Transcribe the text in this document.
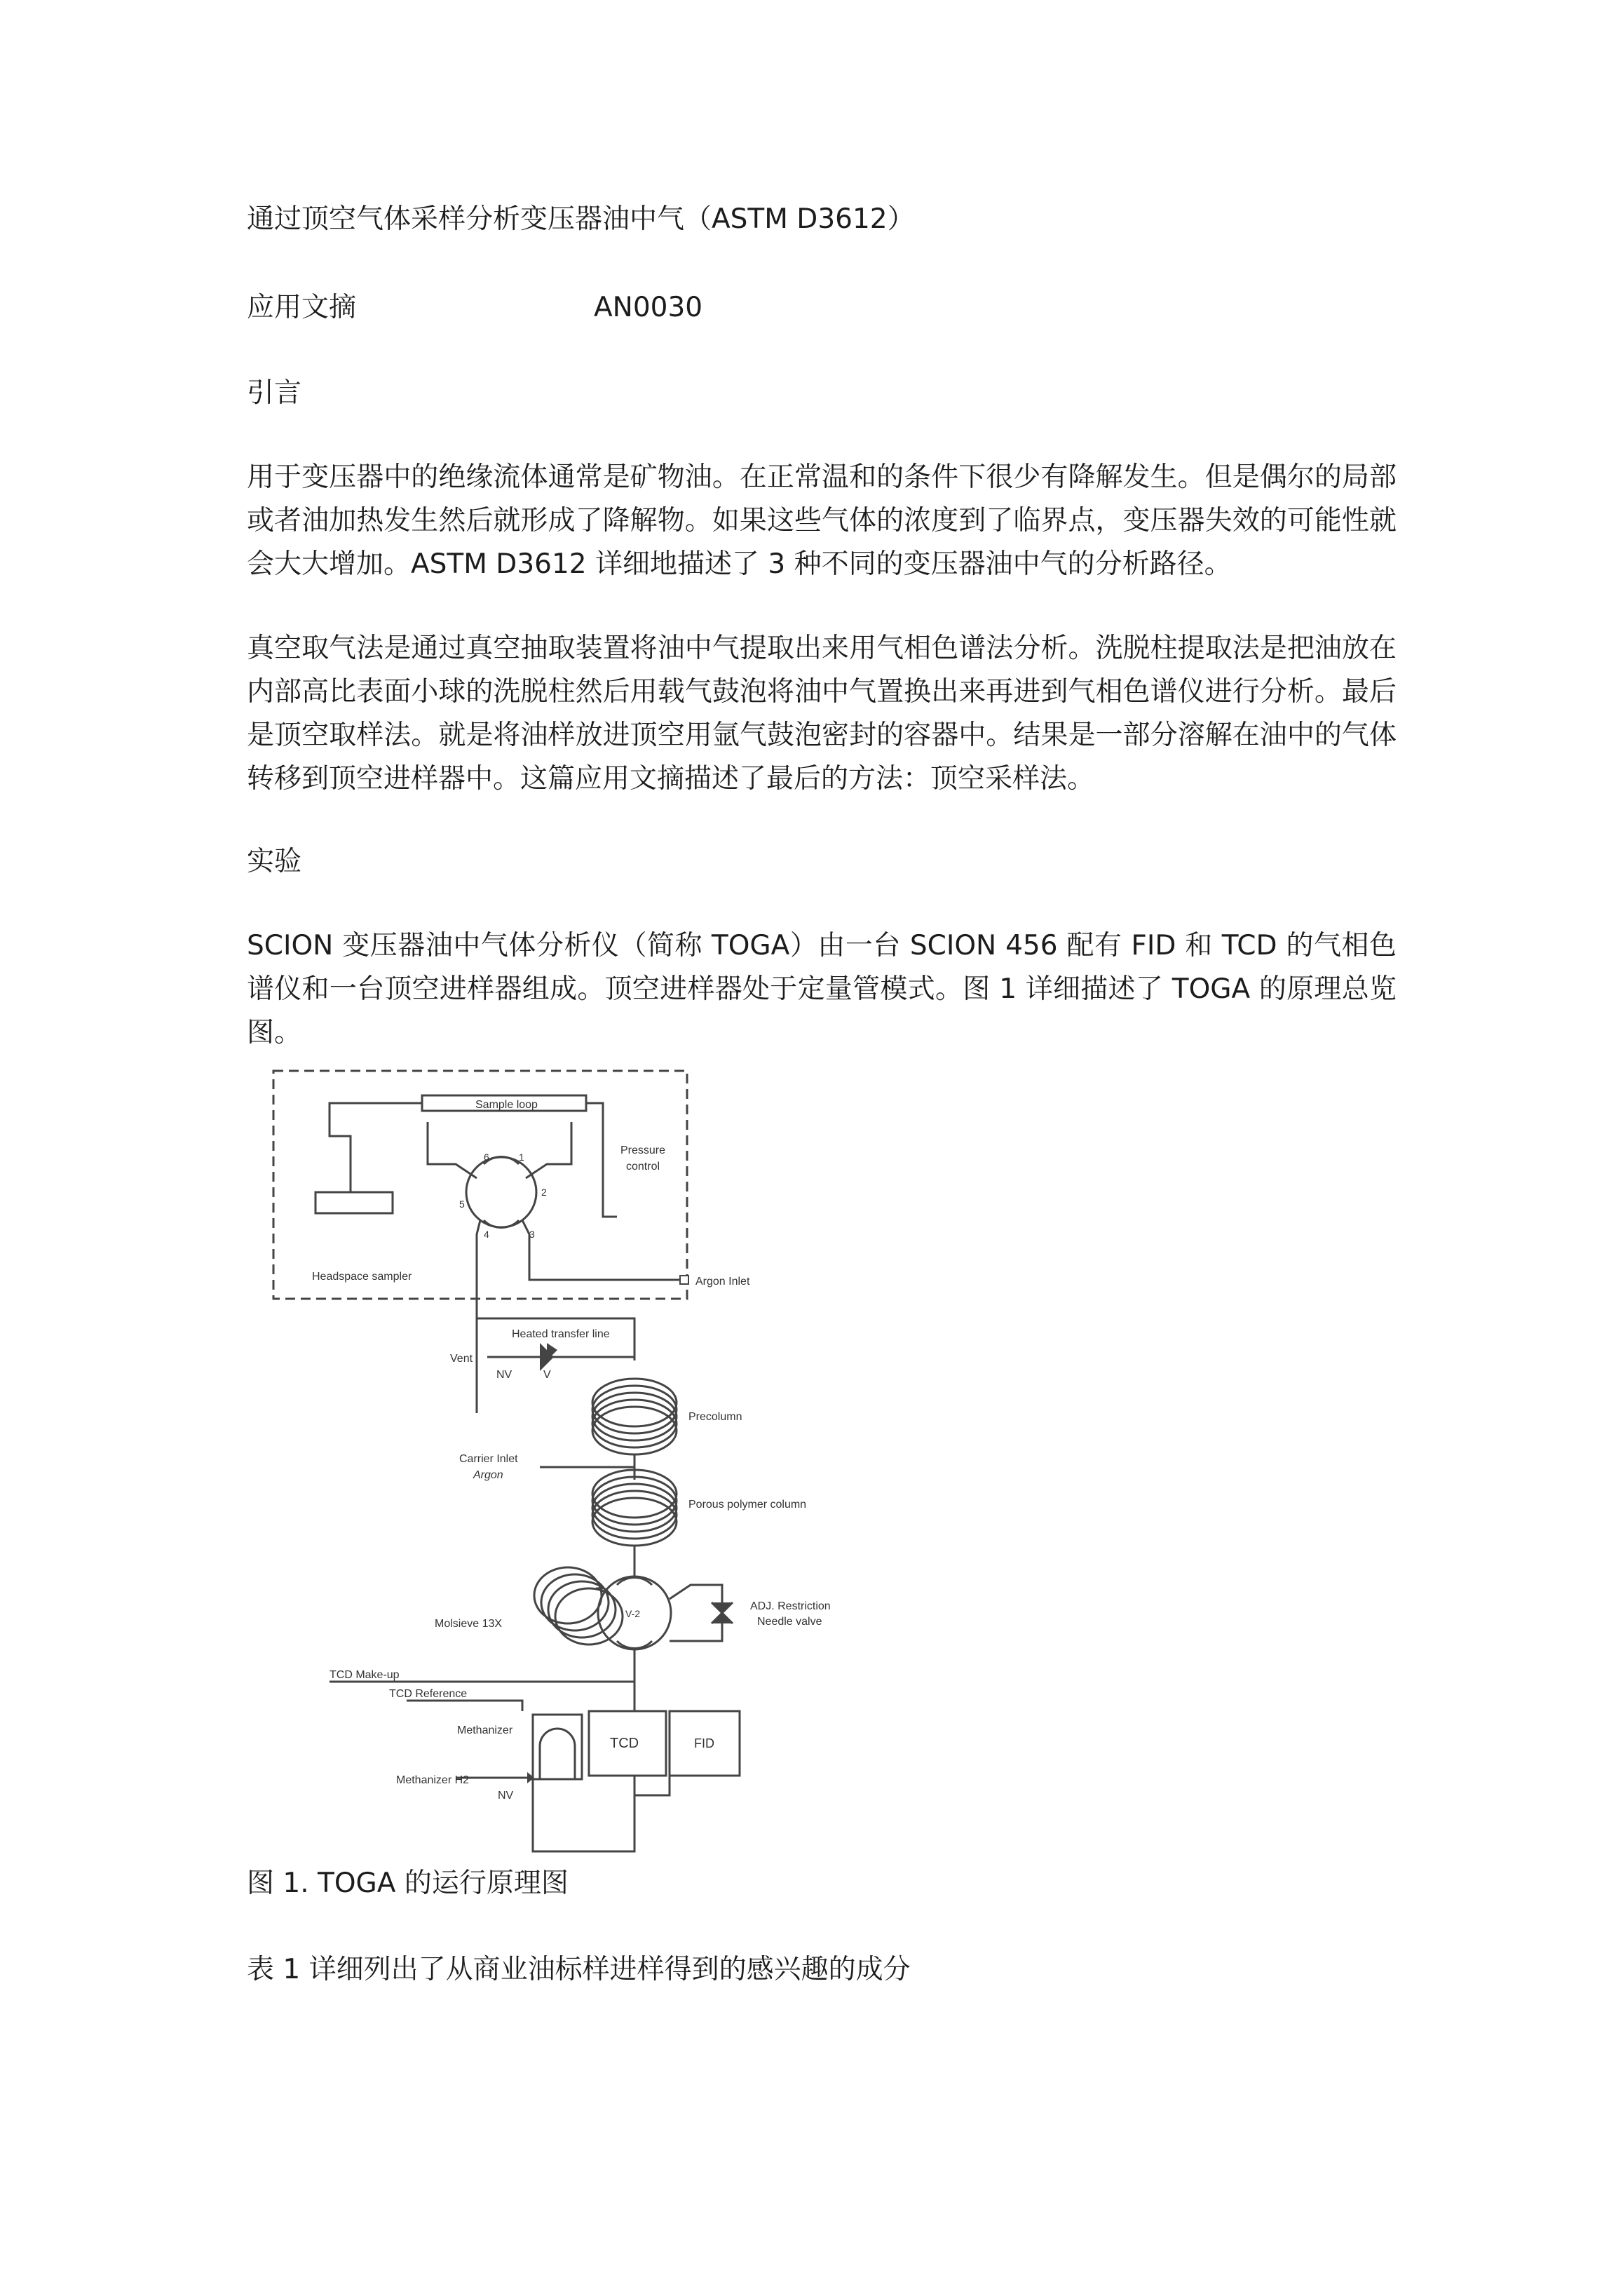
通过顶空气体采样分析变压器油中气（ASTM D3612）

应用文摘	AN0030

引言

用于变压器中的绝缘流体通常是矿物油。在正常温和的条件下很少有降解发生。但是偶尔的局部或者油加热发生然后就形成了降解物。如果这些气体的浓度到了临界点，变压器失效的可能性就会大大增加。ASTM D3612 详细地描述了 3 种不同的变压器油中气的分析路径。

真空取气法是通过真空抽取装置将油中气提取出来用气相色谱法分析。洗脱柱提取法是把油放在内部高比表面小球的洗脱柱然后用载气鼓泡将油中气置换出来再进到气相色谱仪进行分析。最后是顶空取样法。就是将油样放进顶空用氩气鼓泡密封的容器中。结果是一部分溶解在油中的气体转移到顶空进样器中。这篇应用文摘描述了最后的方法：顶空采样法。

实验

SCION 变压器油中气体分析仪（简称 TOGA）由一台 SCION 456 配有 FID 和 TCD 的气相色谱仪和一台顶空进样器组成。顶空进样器处于定量管模式。图 1 详细描述了 TOGA 的原理总览图。

Sample loop
Pressure
control
Headspace sampler	Argon Inlet
Heated transfer line
Vent
NV	V
Precolumn
Carrier Inlet
Argon
Porous polymer column
Molsieve 13X
V-2
ADJ. Restriction
Needle valve
TCD Make-up
TCD Reference
Methanizer
TCD	FID
Methanizer H2
NV
1
2
3
4
5
6

图 1. TOGA 的运行原理图

表 1 详细列出了从商业油标样进样得到的感兴趣的成分
